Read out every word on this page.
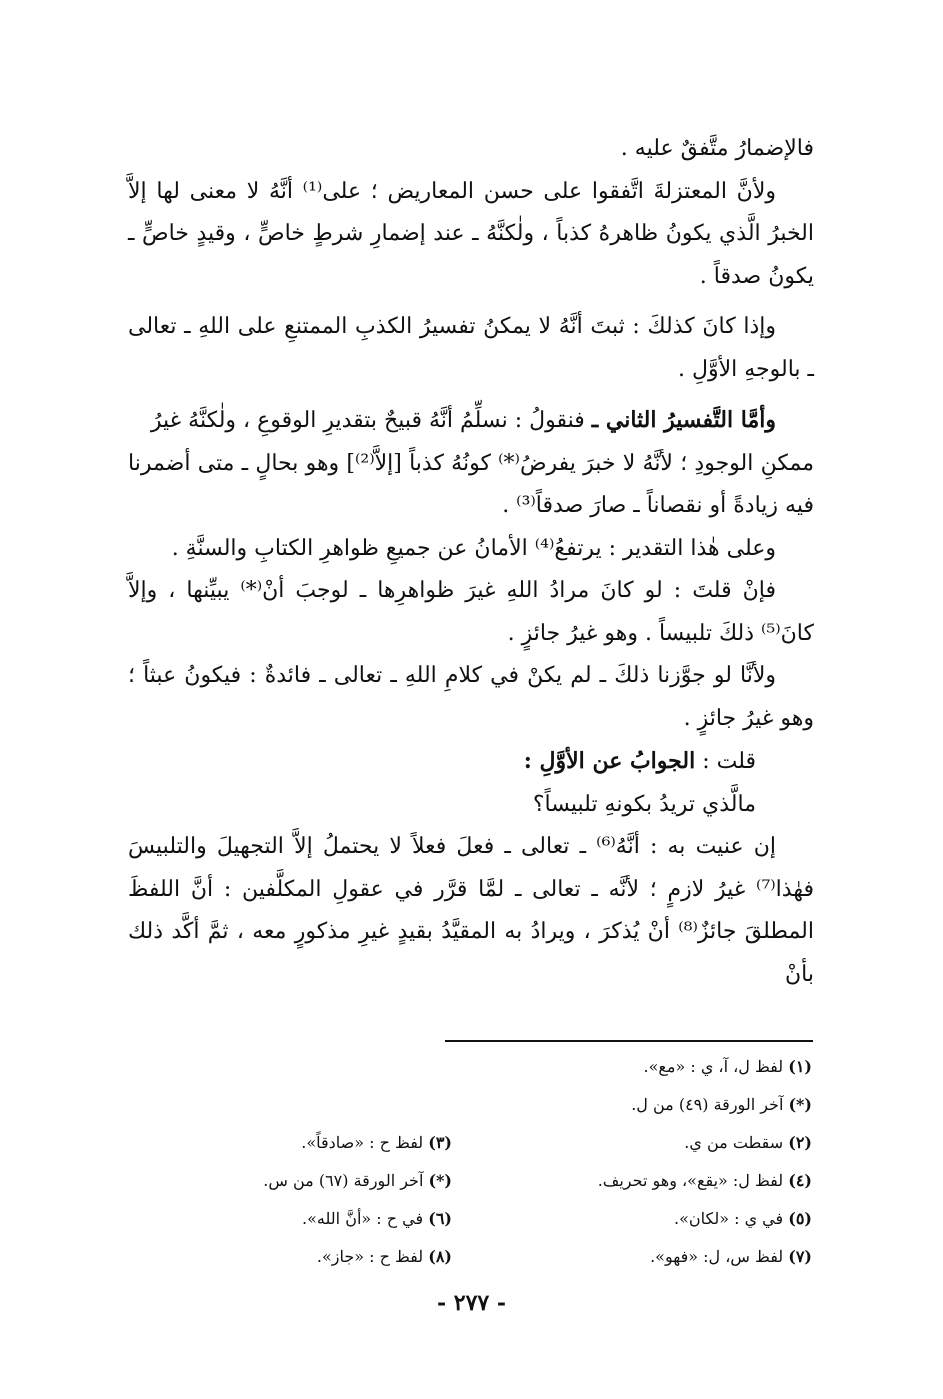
فالإضمارُ متَّفقٌ عليه .

ولأنَّ المعتزلةَ اتَّفقوا على حسن المعاريض ؛ على⁽¹⁾ أنَّهُ لا معنى لها إلاَّ الخبرُ الَّذي يكونُ ظاهرهُ كذباً ، ولٰكنَّهُ ـ عند إضمارِ شرطٍ خاصٍّ ، وقيدٍ خاصٍّ ـ يكونُ صدقاً .

وإذا كانَ كذلكَ : ثبتَ أنَّهُ لا يمكنُ تفسيرُ الكذبِ الممتنعِ على اللهِ ـ تعالى ـ بالوجهِ الأوَّلِ .

وأمَّا التَّفسيرُ الثاني ـ فنقولُ : نسلِّمُ أنَّهُ قبيحٌ بتقديرِ الوقوعِ ، ولٰكنَّهُ غيرُ

ممكنِ الوجودِ ؛ لأنَّهُ لا خبرَ يفرضُ⁽*⁾ كونُهُ كذباً [إلاَّ⁽²⁾] وهو بحالٍ ـ متى أضمرنا فيه زيادةً أو نقصاناً ـ صارَ صدقاً⁽³⁾ .

وعلى هٰذا التقدير : يرتفعُ⁽⁴⁾ الأمانُ عن جميعِ ظواهرِ الكتابِ والسنَّةِ .

فإنْ قلتَ : لو كانَ مرادُ اللهِ غيرَ ظواهرِها ـ لوجبَ أنْ⁽*⁾ يبيِّنها ، وإلاَّ كانَ⁽⁵⁾ ذلكَ تلبيساً . وهو غيرُ جائزٍ .

ولأنَّا لو جوَّزنا ذلكَ ـ لم يكنْ في كلامِ اللهِ ـ تعالى ـ فائدةٌ : فيكونُ عبثاً ؛ وهو غيرُ جائزٍ .

قلت : الجوابُ عن الأوَّلِ :

مالَّذي تريدُ بكونهِ تلبيساً؟

إن عنيت به : أنَّهُ⁽⁶⁾ ـ تعالى ـ فعلَ فعلاً لا يحتملُ إلاَّ التجهيلَ والتلبيسَ فهٰذا⁽⁷⁾ غيرُ لازمٍ ؛ لأنَّه ـ تعالى ـ لمَّا قرَّر في عقولِ المكلَّفين : أنَّ اللفظَ المطلقَ جائزٌ⁽⁸⁾ أنْ يُذكرَ ، ويرادُ به المقيَّدُ بقيدٍ غيرِ مذكورٍ معه ، ثمَّ أكَّد ذلك بأنْ

(١) لفظ ل، آ، ي : «مع».
(*) آخر الورقة (٤٩) من ل.
(٢) سقطت من ي.
(٣) لفظ ح : «صادقاً».
(٤) لفظ ل: «يقع»، وهو تحريف.
(*) آخر الورقة (٦٧) من س.
(٥) في ي : «لكان».
(٦) في ح : «أنَّ الله».
(٧) لفظ س، ل: «فهو».
(٨) لفظ ح : «جاز».
- ٢٧٧ -
